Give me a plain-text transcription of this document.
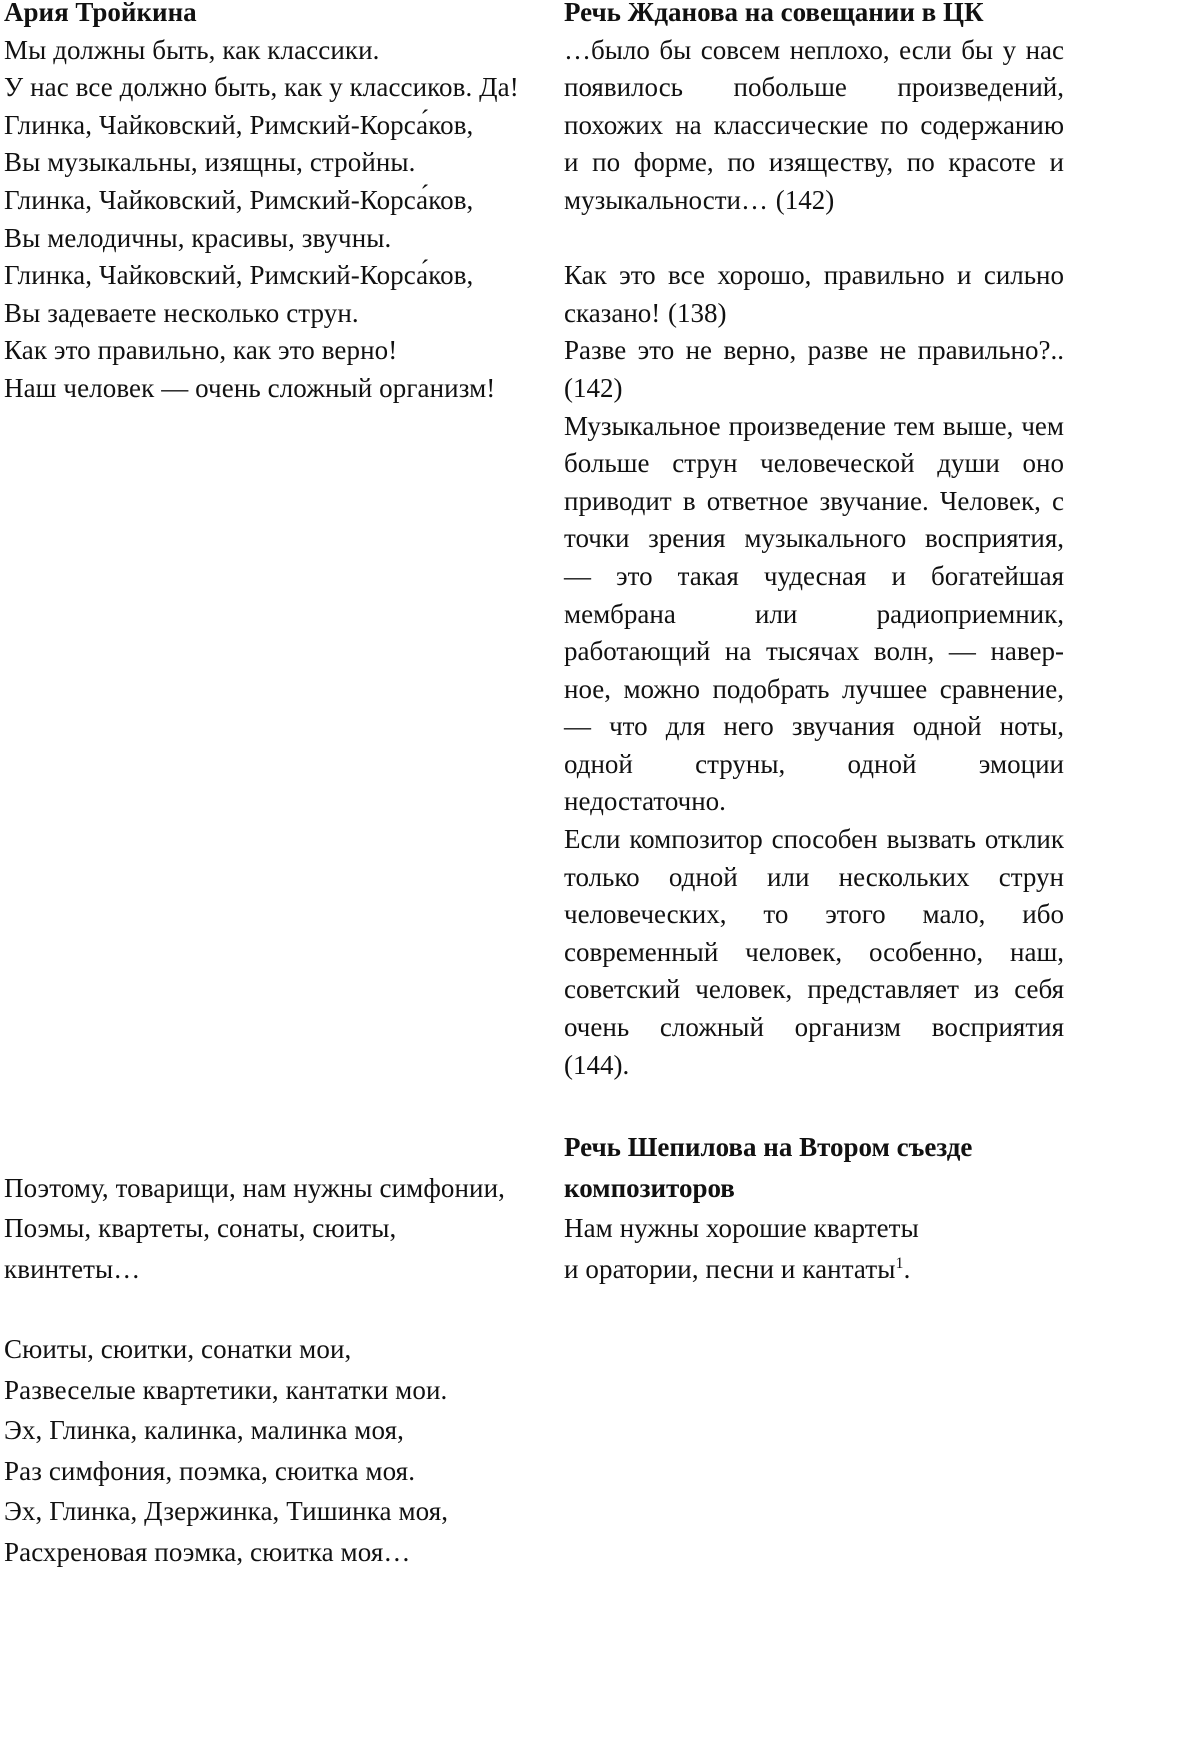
Ария Тройкина
Мы должны быть, как классики.
У нас все должно быть, как у классиков. Да!
Глинка, Чайковский, Римский-Корса́ков,
Вы музыкальны, изящны, стройны.
Глинка, Чайковский, Римский-Корса́ков,
Вы мелодичны, красивы, звучны.
Глинка, Чайковский, Римский-Корса́ков,
Вы задеваете несколько струн.
Как это правильно, как это верно!
Наш человек — очень сложный организм!
Поэтому, товарищи, нам нужны симфонии,
Поэмы, квартеты, сонаты, сюиты,
квинтеты…
Сюиты, сюитки, сонатки мои,
Развеселые квартетики, кантатки мои.
Эх, Глинка, калинка, малинка моя,
Раз симфония, поэмка, сюитка моя.
Эх, Глинка, Дзержинка, Тишинка моя,
Расхреновая поэмка, сюитка моя…
Речь Жданова на совещании в ЦК

…было бы совсем неплохо, если бы у нас появилось побольше произведений, похожих на классические по содержанию и по форме, по изяществу, по красоте и музыкальности… (142)

Как это все хорошо, правильно и сильно сказано! (138)

Разве это не верно, разве не правильно?.. (142)

Музыкальное произведение тем выше, чем больше струн человеческой души оно приводит в ответное звучание. Человек, с точки зрения музыкального восприятия, — это такая чудесная и богатейшая мембрана или радиоприемник, работающий на тысячах волн, — наверное, можно подобрать лучшее сравнение, — что для него звучания одной ноты, одной струны, одной эмоции недостаточно.

Если композитор способен вызвать отклик только одной или нескольких струн человеческих, то этого мало, ибо современный человек, особенно, наш, советский человек, представляет из себя очень сложный организм восприятия (144).

Речь Шепилова на Втором съезде
композиторов
Нам нужны хорошие квартеты
и оратории, песни и кантаты$^1$.
